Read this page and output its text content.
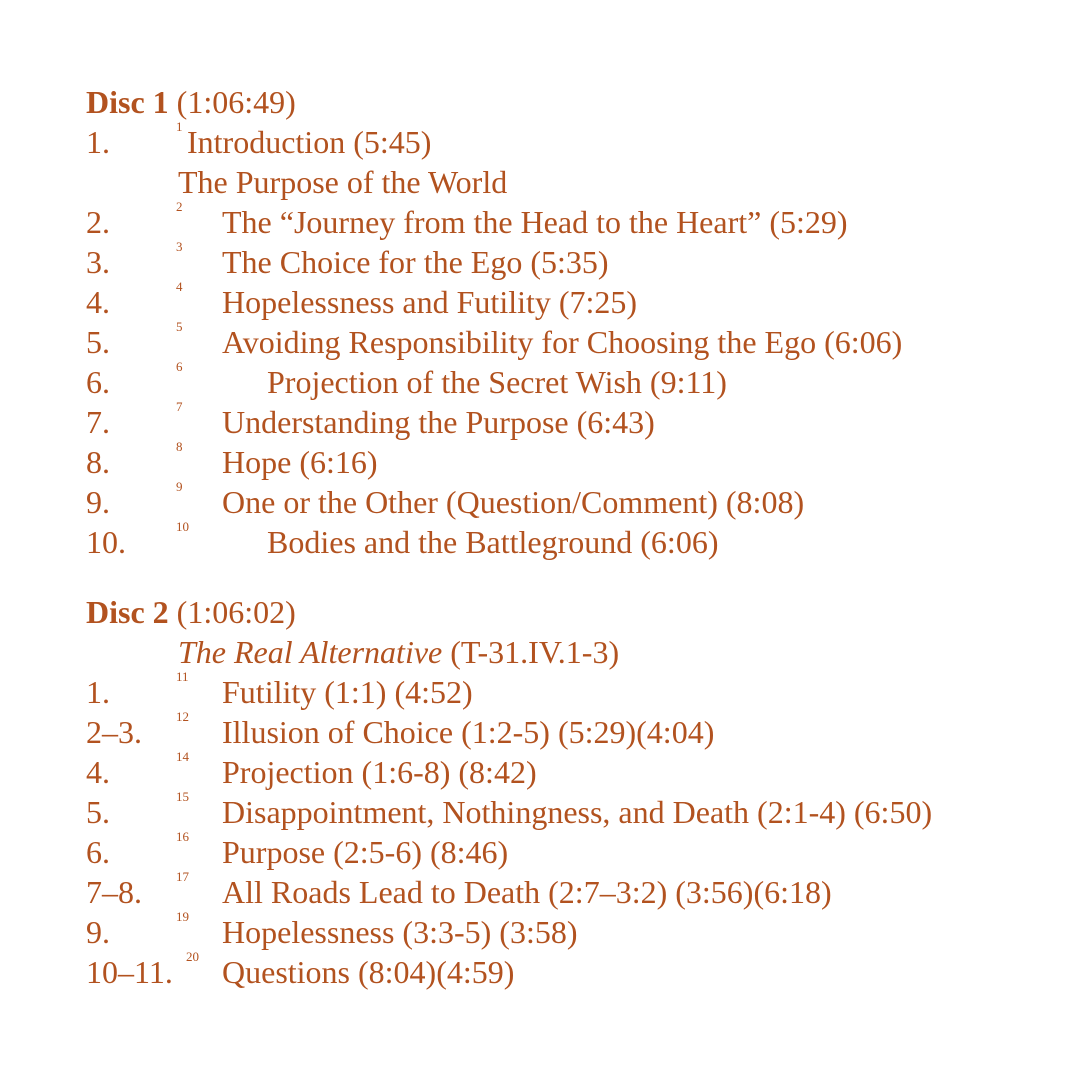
Disc 1 (1:06:49)
1.	1 Introduction (5:45)
The Purpose of the World
2.	2 The “Journey from the Head to the Heart” (5:29)
3.	3 The Choice for the Ego (5:35)
4.	4 Hopelessness and Futility (7:25)
5.	5 Avoiding Responsibility for Choosing the Ego (6:06)
6.	6	Projection of the Secret Wish (9:11)
7.	7 Understanding the Purpose (6:43)
8.	8 Hope (6:16)
9.	9 One or the Other (Question/Comment) (8:08)
10.	10 Bodies and the Battleground (6:06)
Disc 2 (1:06:02)
The Real Alternative (T-31.IV.1-3)
1.	11 Futility (1:1) (4:52)
2–3.	12 Illusion of Choice (1:2-5) (5:29)(4:04)
4.	14 Projection (1:6-8) (8:42)
5.	15 Disappointment, Nothingness, and Death (2:1-4) (6:50)
6.	16 Purpose (2:5-6) (8:46)
7–8.	17 All Roads Lead to Death (2:7–3:2) (3:56)(6:18)
9.	19 Hopelessness (3:3-5) (3:58)
10–11. 20 Questions (8:04)(4:59)
